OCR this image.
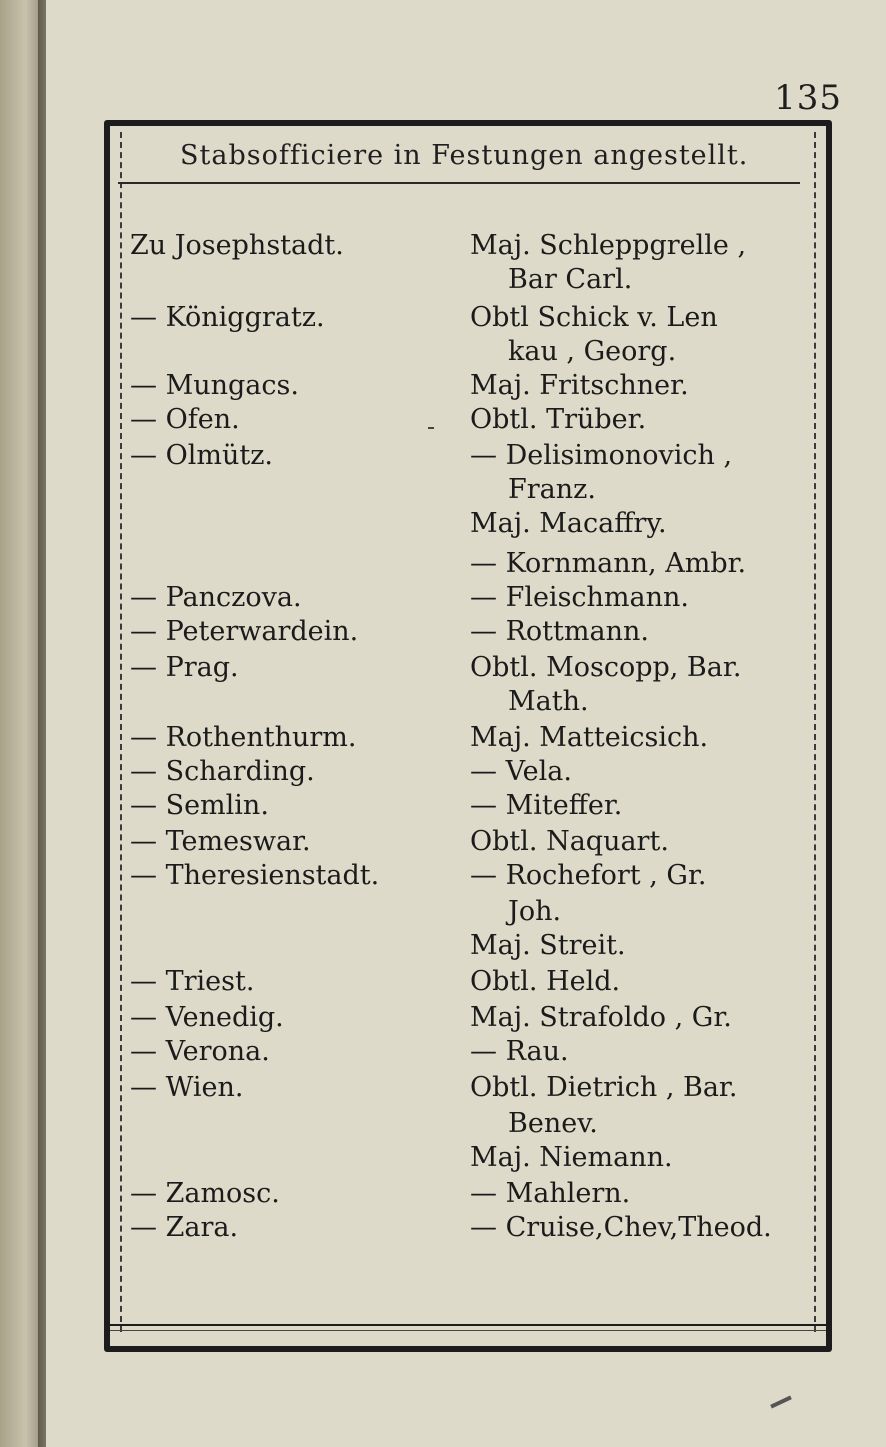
135
Stabsofficiere in Festungen angestellt.
Zu Josephstadt.	Maj. Schleppgrelle ,
Bar Carl.
— Königgratz.	Obtl Schick v. Len
kau , Georg.
— Mungacs.	Maj. Fritschner.
— Ofen.	Obtl. Trüber.
— Olmütz.	— Delisimonovich ,
Franz.
Maj. Macaffry.
— Kornmann, Ambr.
— Panczova.	— Fleischmann.
— Peterwardein.	— Rottmann.
— Prag.	Obtl. Moscopp, Bar.
Math.
— Rothenthurm.	Maj. Matteicsich.
— Scharding.	— Vela.
— Semlin.	— Miteffer.
— Temeswar.	Obtl. Naquart.
— Theresienstadt.	— Rochefort , Gr.
Joh.
Maj. Streit.
— Triest.	Obtl. Held.
— Venedig.	Maj. Strafoldo , Gr.
— Verona.	— Rau.
— Wien.	Obtl. Dietrich , Bar.
Benev.
Maj. Niemann.
— Zamosc.	— Mahlern.
— Zara.	— Cruise,Chev,Theod.
